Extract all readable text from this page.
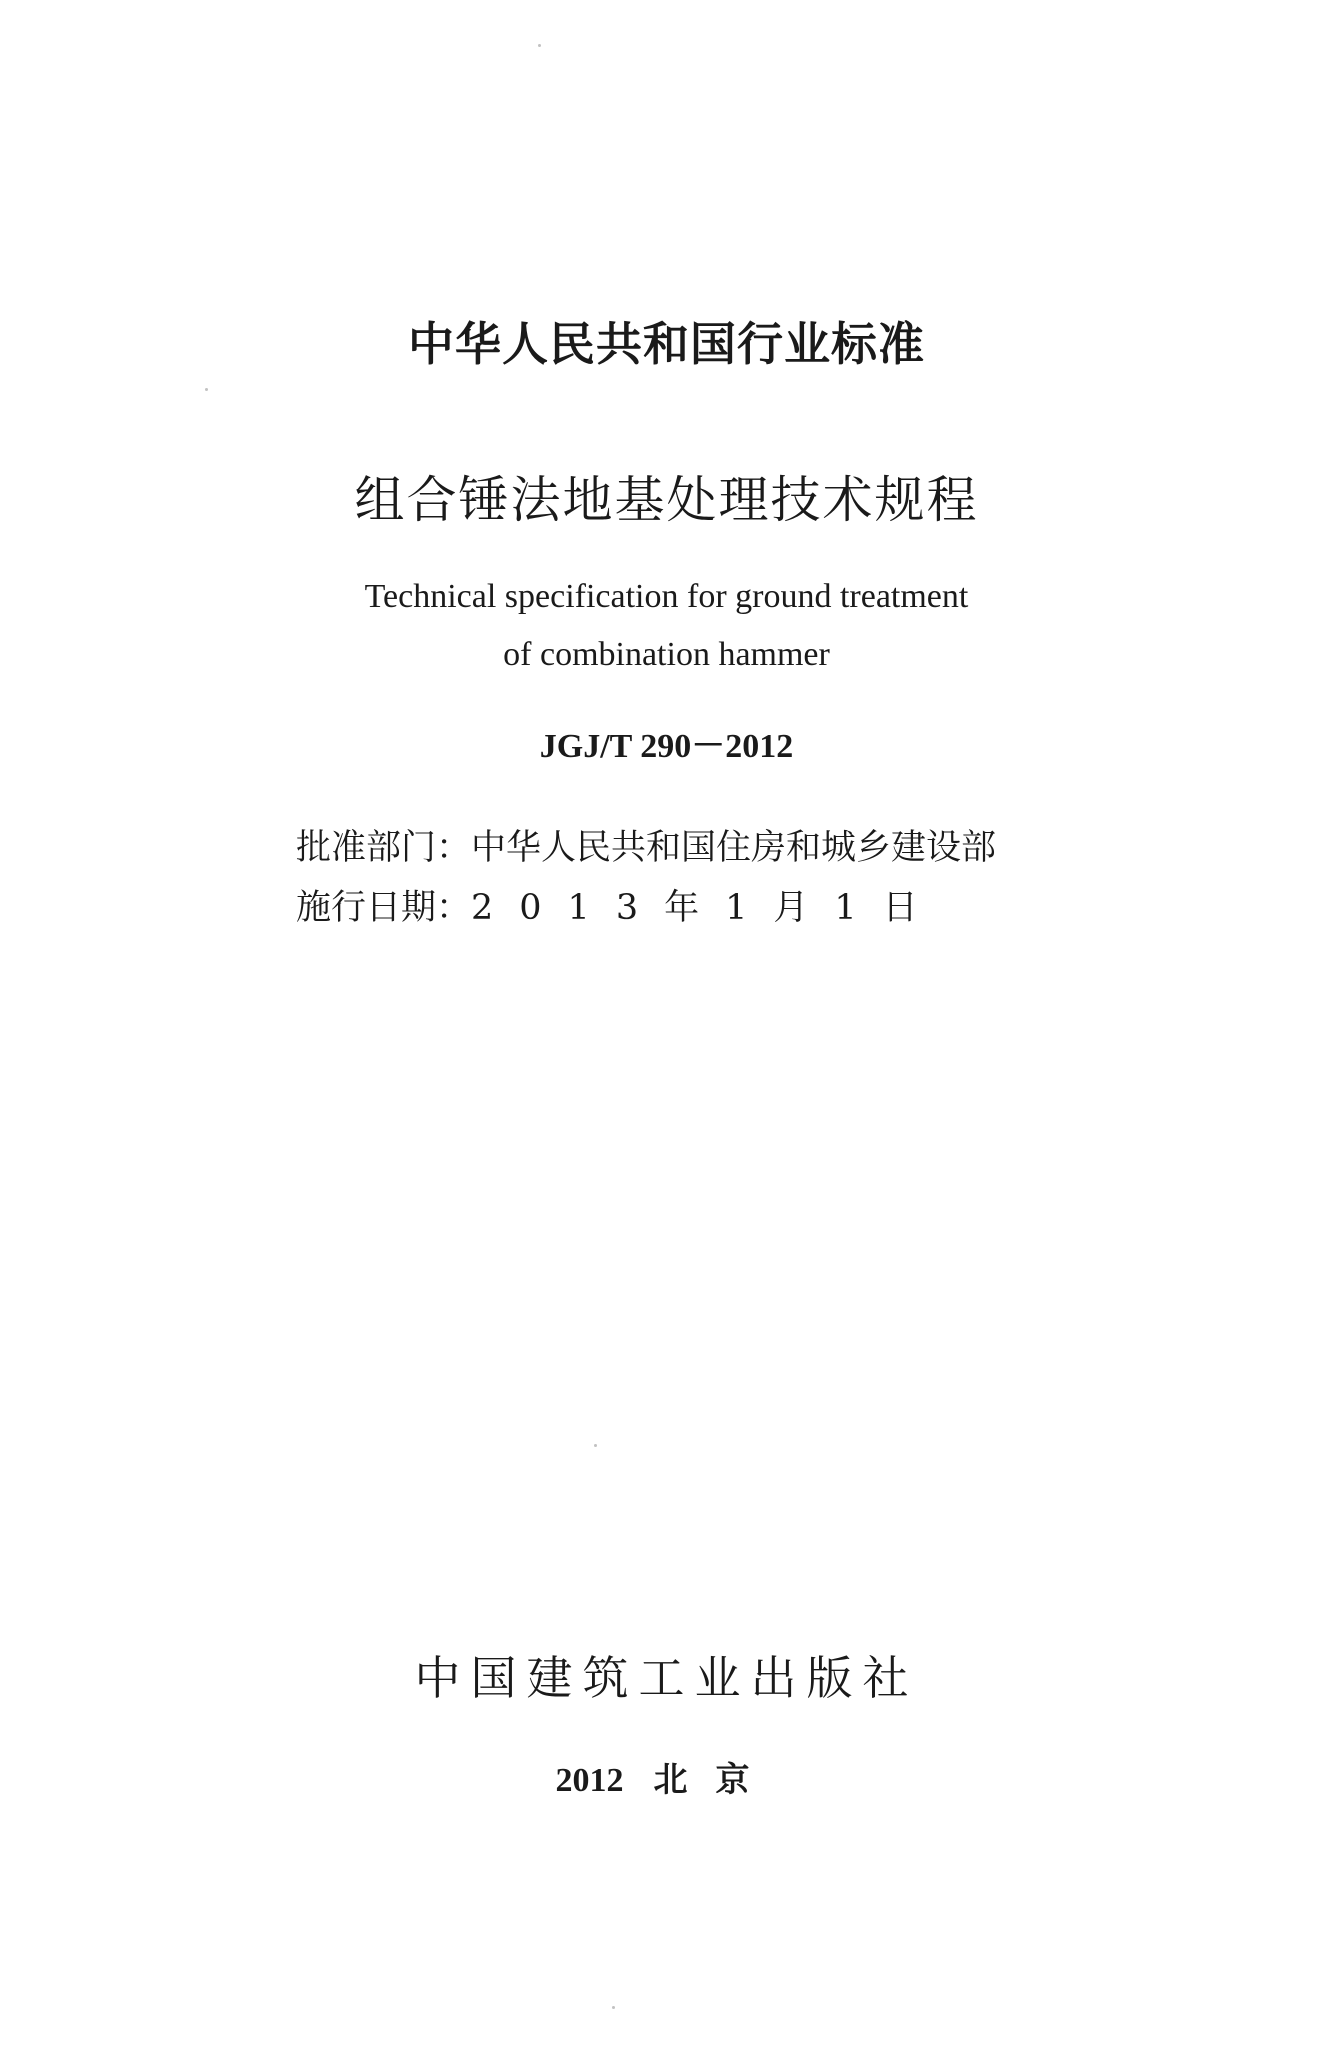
中华人民共和国行业标准
组合锤法地基处理技术规程
Technical specification for ground treatment
of combination hammer
JGJ/T 290－2012
批准部门：中华人民共和国住房和城乡建设部
施行日期：2013年1月1日
中国建筑工业出版社
2012 北京
